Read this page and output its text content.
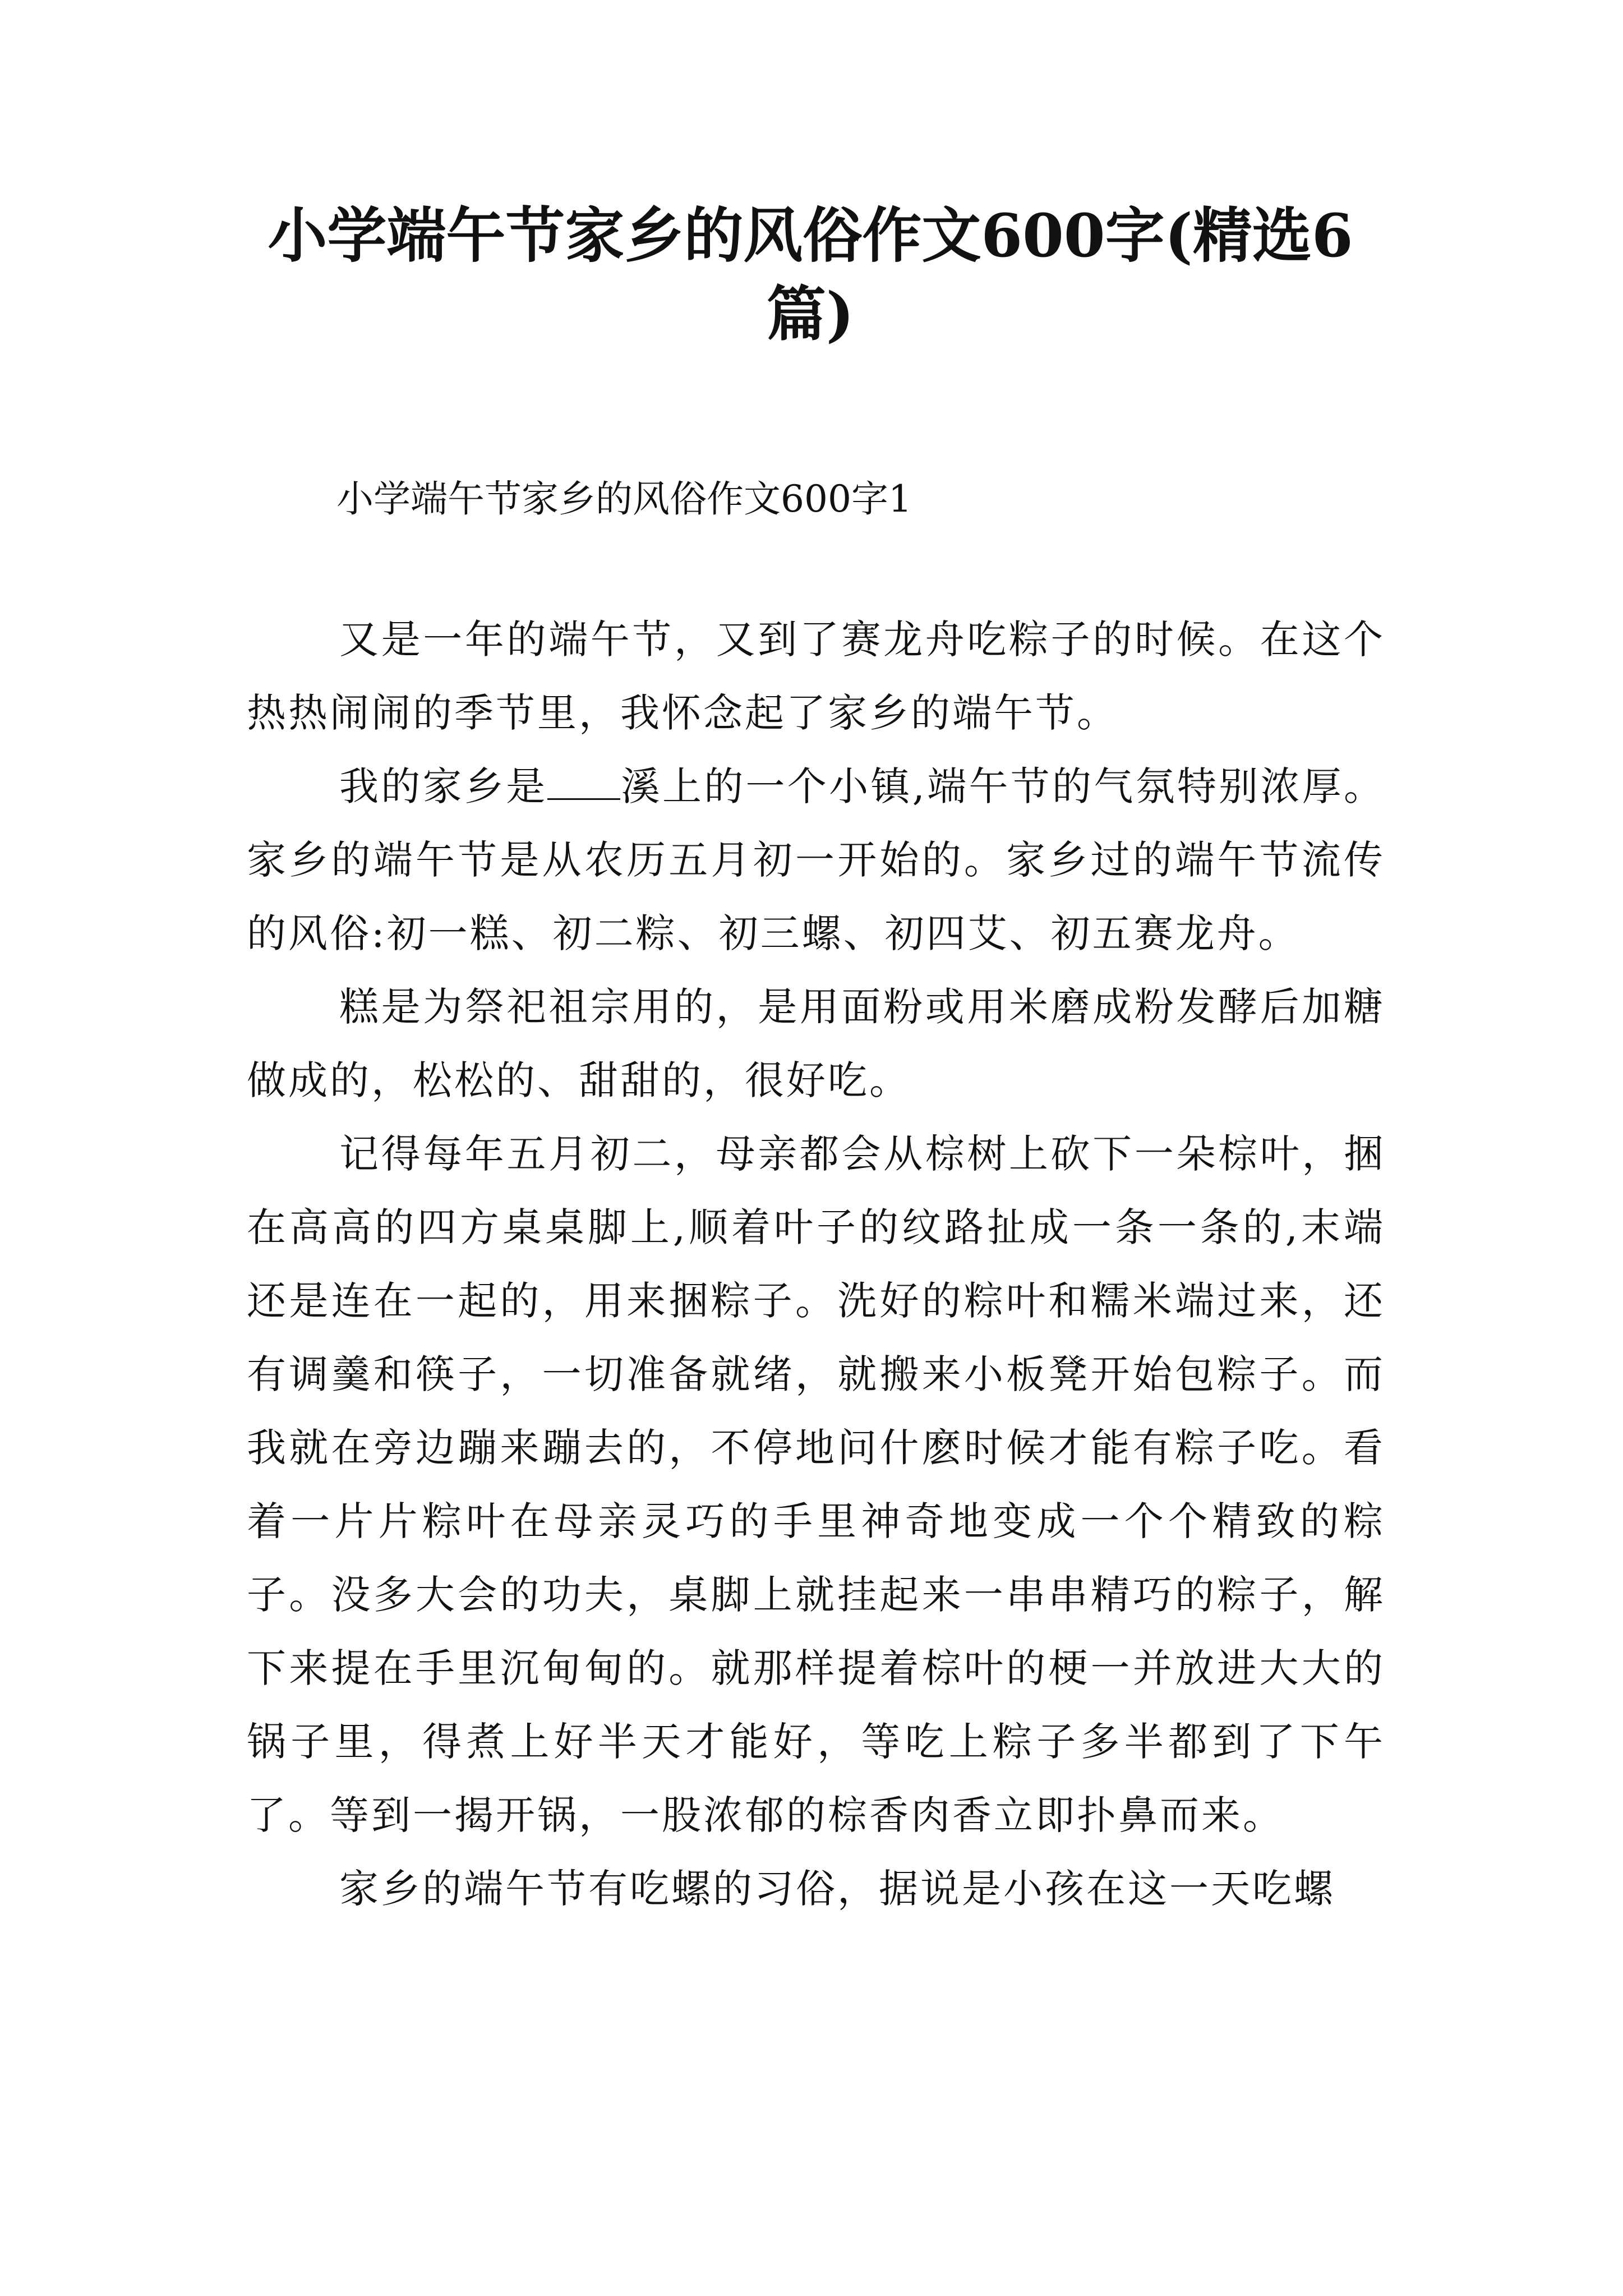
小学端午节家乡的风俗作文600字(精选6篇)
小学端午节家乡的风俗作文600字1

又是一年的端午节，又到了赛龙舟吃粽子的时候。在这个热热闹闹的季节里，我怀念起了家乡的端午节。

我的家乡是 溪上的一个小镇,端午节的气氛特别浓厚。家乡的端午节是从农历五月初一开始的。家乡过的端午节流传的风俗:初一糕、初二粽、初三螺、初四艾、初五赛龙舟。

糕是为祭祀祖宗用的，是用面粉或用米磨成粉发酵后加糖做成的，松松的、甜甜的，很好吃。

记得每年五月初二，母亲都会从棕树上砍下一朵棕叶，捆在高高的四方桌桌脚上,顺着叶子的纹路扯成一条一条的,末端还是连在一起的，用来捆粽子。洗好的粽叶和糯米端过来，还有调羹和筷子，一切准备就绪，就搬来小板凳开始包粽子。而我就在旁边蹦来蹦去的，不停地问什麽时候才能有粽子吃。看着一片片粽叶在母亲灵巧的手里神奇地变成一个个精致的粽子。没多大会的功夫，桌脚上就挂起来一串串精巧的粽子，解下来提在手里沉甸甸的。就那样提着棕叶的梗一并放进大大的锅子里，得煮上好半天才能好，等吃上粽子多半都到了下午了。等到一揭开锅，一股浓郁的棕香肉香立即扑鼻而来。

家乡的端午节有吃螺的习俗，据说是小孩在这一天吃螺
